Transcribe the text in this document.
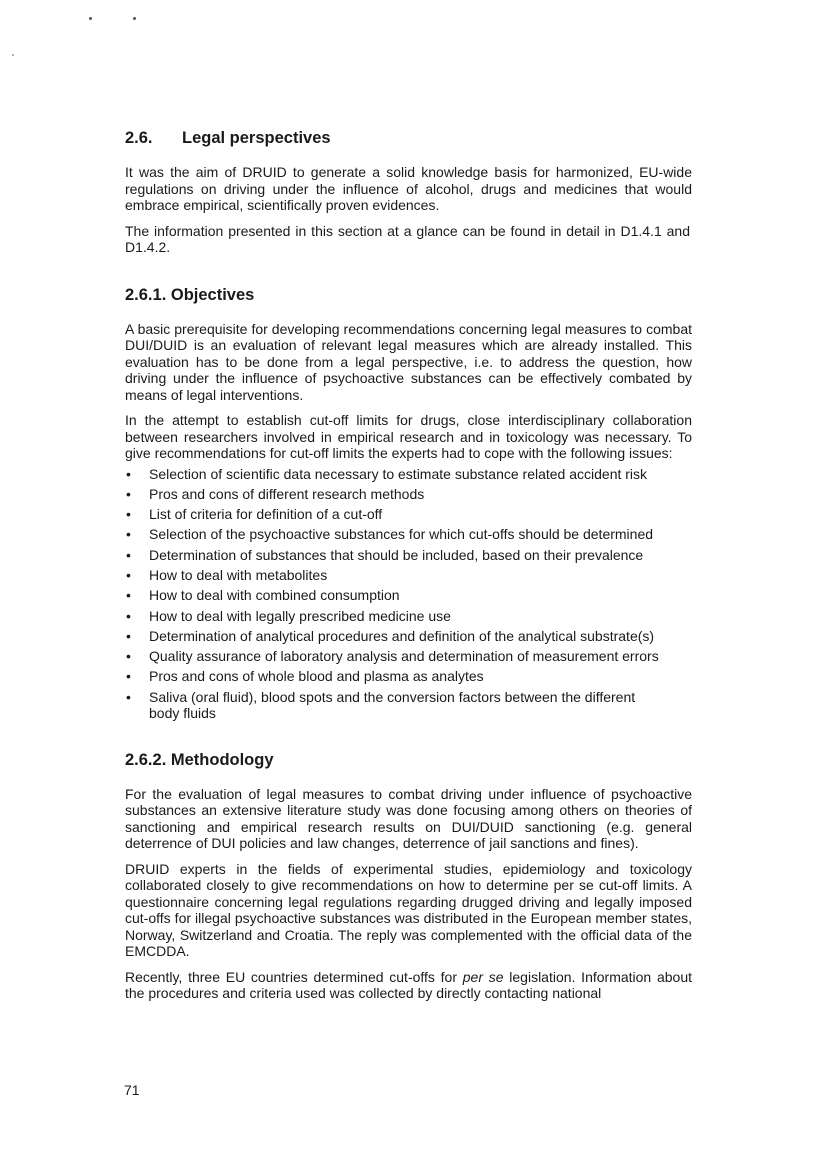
2.6. Legal perspectives

It was the aim of DRUID to generate a solid knowledge basis for harmonized, EU-wide regulations on driving under the influence of alcohol, drugs and medicines that would embrace empirical, scientifically proven evidences.

The information presented in this section at a glance can be found in detail in D1.4.1 and D1.4.2.

2.6.1. Objectives

A basic prerequisite for developing recommendations concerning legal measures to combat DUI/DUID is an evaluation of relevant legal measures which are already installed. This evaluation has to be done from a legal perspective, i.e. to address the question, how driving under the influence of psychoactive substances can be effectively combated by means of legal interventions.

In the attempt to establish cut-off limits for drugs, close interdisciplinary collaboration between researchers involved in empirical research and in toxicology was necessary. To give recommendations for cut-off limits the experts had to cope with the following issues:

• Selection of scientific data necessary to estimate substance related accident risk
• Pros and cons of different research methods
• List of criteria for definition of a cut-off
• Selection of the psychoactive substances for which cut-offs should be determined
• Determination of substances that should be included, based on their prevalence
• How to deal with metabolites
• How to deal with combined consumption
• How to deal with legally prescribed medicine use
• Determination of analytical procedures and definition of the analytical substrate(s)
• Quality assurance of laboratory analysis and determination of measurement errors
• Pros and cons of whole blood and plasma as analytes
• Saliva (oral fluid), blood spots and the conversion factors between the different body fluids
2.6.2. Methodology

For the evaluation of legal measures to combat driving under influence of psychoactive substances an extensive literature study was done focusing among others on theories of sanctioning and empirical research results on DUI/DUID sanctioning (e.g. general deterrence of DUI policies and law changes, deterrence of jail sanctions and fines).

DRUID experts in the fields of experimental studies, epidemiology and toxicology collaborated closely to give recommendations on how to determine per se cut-off limits. A questionnaire concerning legal regulations regarding drugged driving and legally imposed cut-offs for illegal psychoactive substances was distributed in the European member states, Norway, Switzerland and Croatia. The reply was complemented with the official data of the EMCDDA.

Recently, three EU countries determined cut-offs for per se legislation. Information about the procedures and criteria used was collected by directly contacting national

71
